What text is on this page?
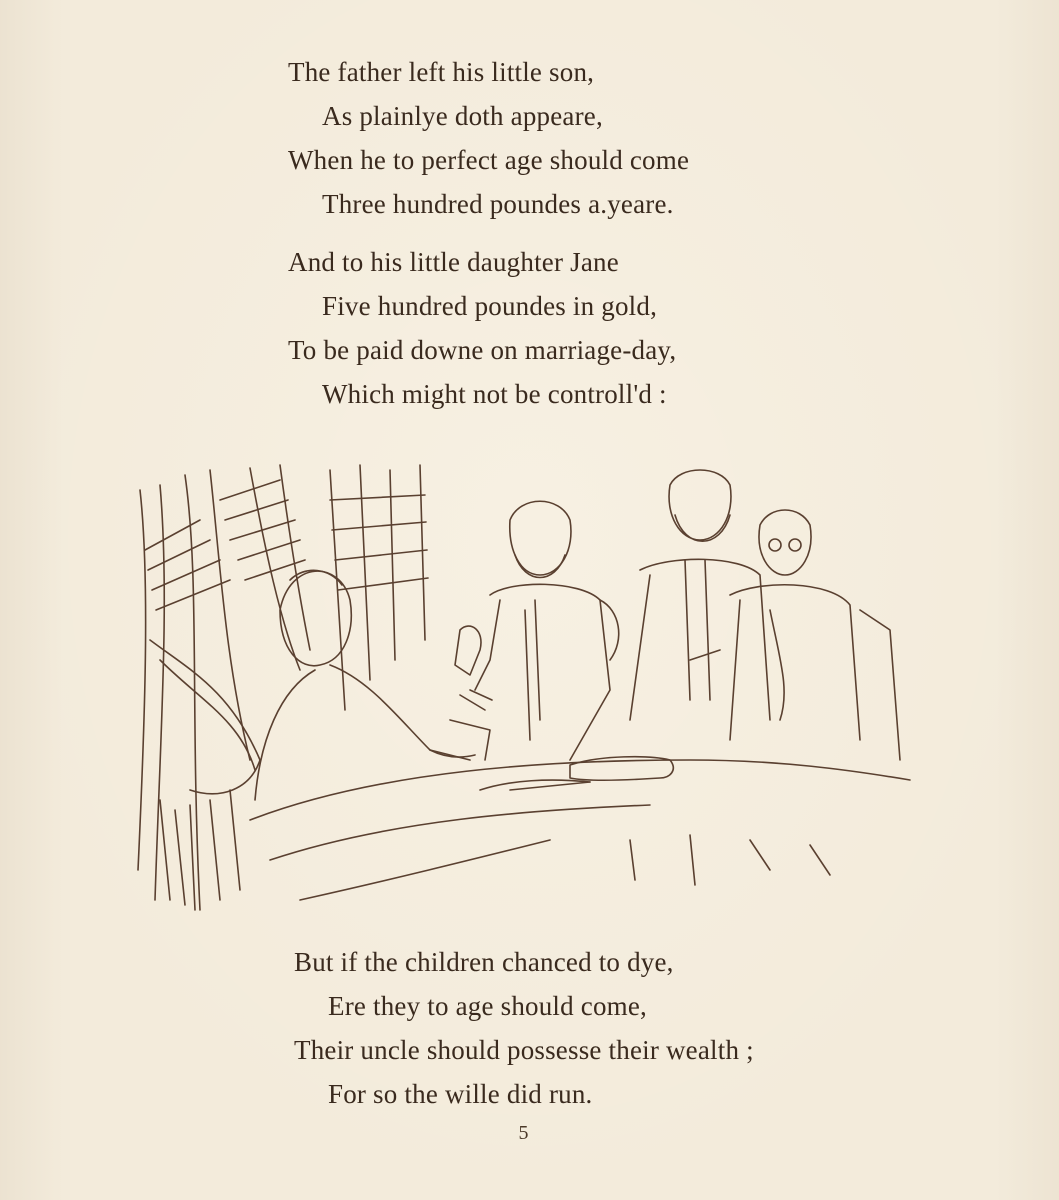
The father left his little son,
As plainlye doth appeare,
When he to perfect age should come
Three hundred poundes a.yeare.
And to his little daughter Jane
Five hundred poundes in gold,
To be paid downe on marriage-day,
Which might not be controll'd :
But if the children chanced to dye,
Ere they to age should come,
Their uncle should possesse their wealth ;
For so the wille did run.
5
